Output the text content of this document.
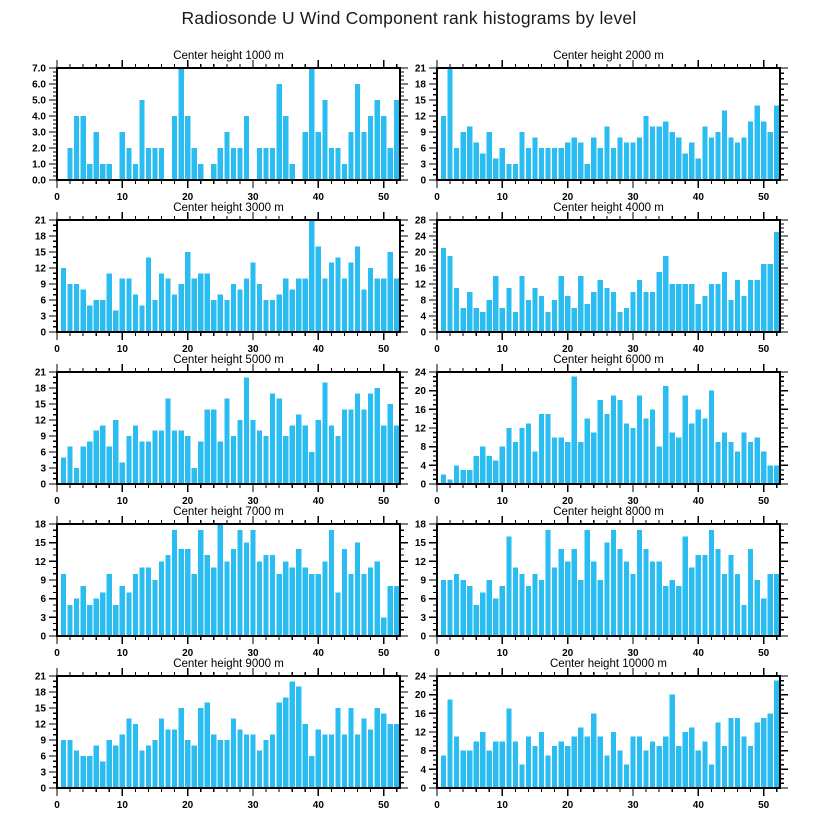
Radiosonde U Wind Component rank histograms by level
Center height 1000 m
0	10	20	30	40	50
0.0
1.0
2.0
3.0
4.0
5.0
6.0
7.0
Center height 2000 m
0	10	20	30	40	50
0
3
6
9
12
15
18
21
Center height 3000 m
0	10	20	30	40	50
0
3
6
9
12
15
18
21
Center height 4000 m
0	10	20	30	40	50
0
4
8
12
16
20
24
28
Center height 5000 m
0	10	20	30	40	50
0
3
6
9
12
15
18
21
Center height 6000 m
0	10	20	30	40	50
0
4
8
12
16
20
24
Center height 7000 m
0	10	20	30	40	50
0
3
6
9
12
15
18
Center height 8000 m
0	10	20	30	40	50
0
3
6
9
12
15
18
Center height 9000 m
0	10	20	30	40	50
0
3
6
9
12
15
18
21
Center height 10000 m
0	10	20	30	40	50
0
4
8
12
16
20
24
